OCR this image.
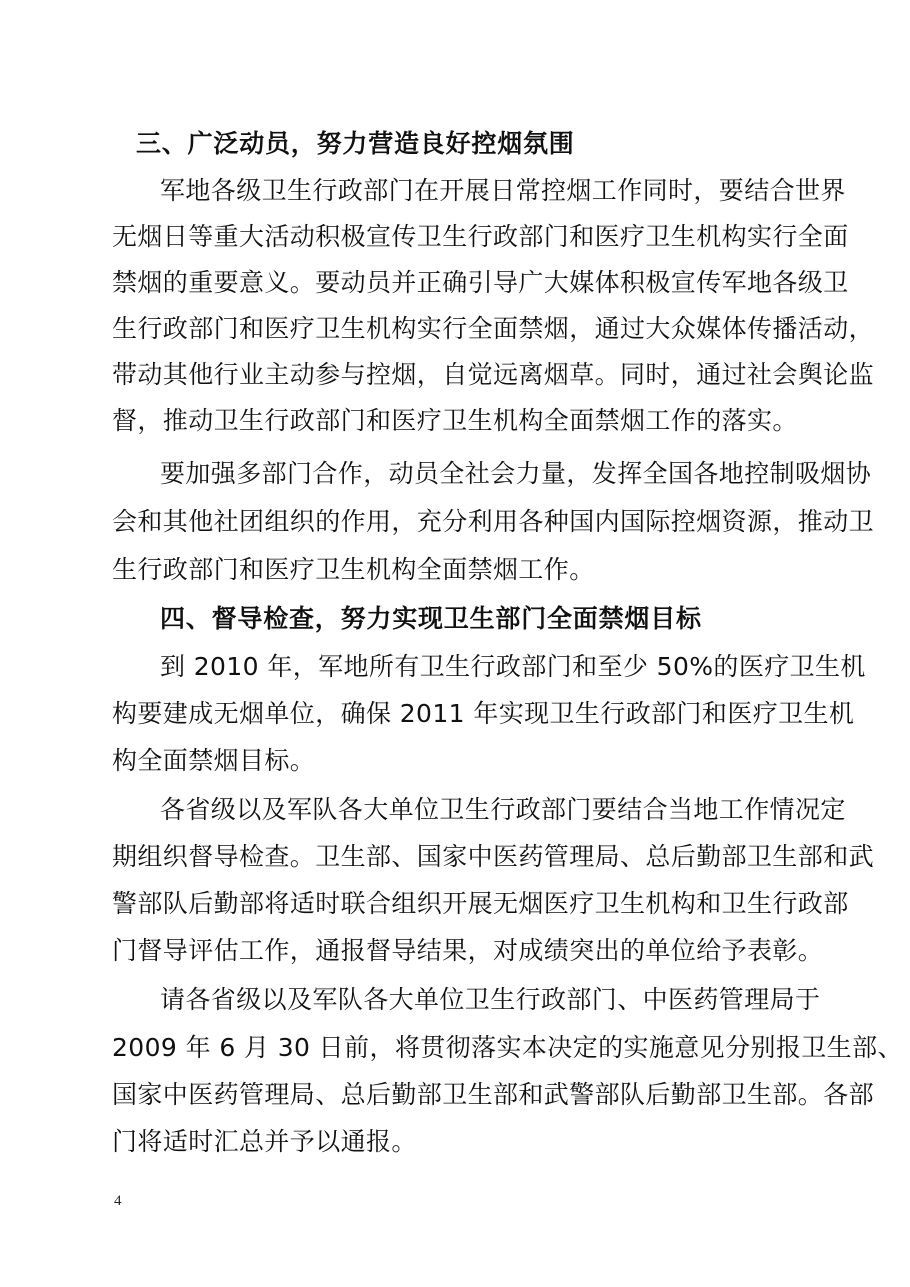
三、广泛动员，努力营造良好控烟氛围
军地各级卫生行政部门在开展日常控烟工作同时，要结合世界
无烟日等重大活动积极宣传卫生行政部门和医疗卫生机构实行全面
禁烟的重要意义。要动员并正确引导广大媒体积极宣传军地各级卫
生行政部门和医疗卫生机构实行全面禁烟，通过大众媒体传播活动，
带动其他行业主动参与控烟，自觉远离烟草。同时，通过社会舆论监
督，推动卫生行政部门和医疗卫生机构全面禁烟工作的落实。
要加强多部门合作，动员全社会力量，发挥全国各地控制吸烟协
会和其他社团组织的作用，充分利用各种国内国际控烟资源，推动卫
生行政部门和医疗卫生机构全面禁烟工作。
四、督导检查，努力实现卫生部门全面禁烟目标
到 2010 年，军地所有卫生行政部门和至少 50%的医疗卫生机
构要建成无烟单位，确保 2011 年实现卫生行政部门和医疗卫生机
构全面禁烟目标。
各省级以及军队各大单位卫生行政部门要结合当地工作情况定
期组织督导检查。卫生部、国家中医药管理局、总后勤部卫生部和武
警部队后勤部将适时联合组织开展无烟医疗卫生机构和卫生行政部
门督导评估工作，通报督导结果，对成绩突出的单位给予表彰。
请各省级以及军队各大单位卫生行政部门、中医药管理局于
2009 年 6 月 30 日前，将贯彻落实本决定的实施意见分别报卫生部、
国家中医药管理局、总后勤部卫生部和武警部队后勤部卫生部。各部
门将适时汇总并予以通报。
4
